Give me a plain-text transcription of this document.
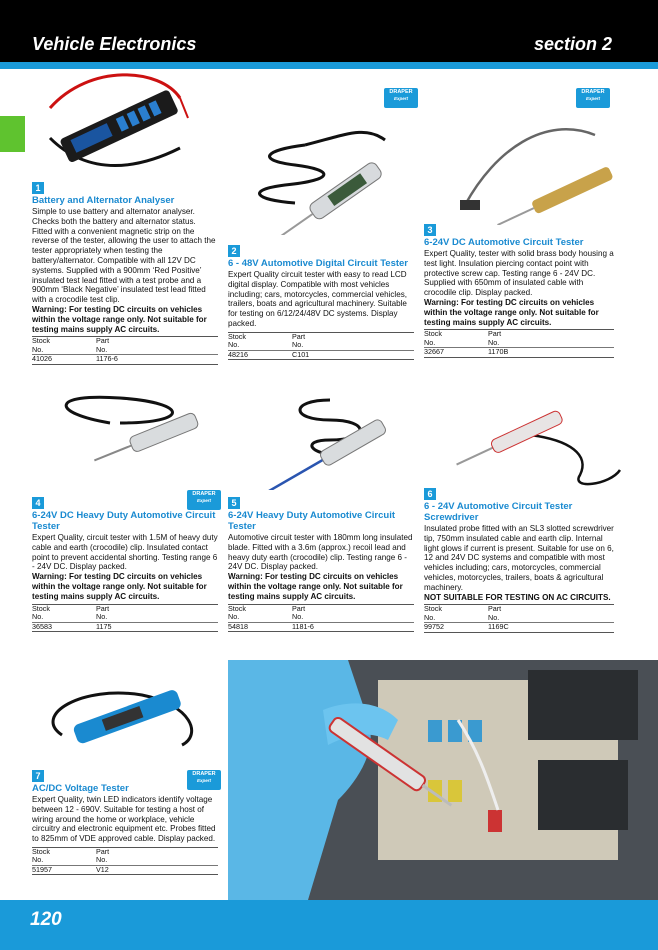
Vehicle Electronics	section 2
DRAPER
Expert
DRAPER
Expert
DRAPER
Expert
DRAPER
Expert
1
Battery and Alternator Analyser

Simple to use battery and alternator analyser. Checks both the battery and alternator status. Fitted with a convenient magnetic strip on the reverse of the tester, allowing the user to attach the tester appropriately when testing the battery/alternator. Compatible with all 12V DC systems. Supplied with a 900mm ‘Red Positive’ insulated test lead fitted with a test probe and a 900mm ‘Black Negative’ insulated test lead fitted with a crocodile test clip.

Warning: For testing DC circuits on vehicles within the voltage range only. Not suitable for testing mains supply AC circuits.

Stock	Part
No.	No.
41026	1176-6
2
6 - 48V Automotive Digital Circuit Tester

Expert Quality circuit tester with easy to read LCD digital display. Compatible with most vehicles including; cars, motorcycles, commercial vehicles, trailers, boats and agricultural machinery. Suitable for testing on 6/12/24/48V DC systems. Display packed.

Stock	Part
No.	No.
48216	C101
3
6-24V DC Automotive Circuit Tester

Expert Quality, tester with solid brass body housing a test light. Insulation piercing contact point with protective screw cap. Testing range 6 - 24V DC. Supplied with 650mm of insulated cable with crocodile clip. Display packed.

Warning: For testing DC circuits on vehicles within the voltage range only. Not suitable for testing mains supply AC circuits.

Stock	Part
No.	No.
32667	1170B
4
6-24V DC Heavy Duty Automotive Circuit Tester

Expert Quality, circuit tester with 1.5M of heavy duty cable and earth (crocodile) clip. Insulated contact point to prevent accidental shorting. Testing range 6 - 24V DC. Display packed.

Warning: For testing DC circuits on vehicles within the voltage range only. Not suitable for testing mains supply AC circuits.

Stock	Part
No.	No.
36583	1175
5
6-24V Heavy Duty Automotive Circuit Tester

Automotive circuit tester with 180mm long insulated blade. Fitted with a 3.6m (approx.) recoil lead and heavy duty earth (crocodile) clip. Testing range 6 - 24V DC. Display packed.

Warning: For testing DC circuits on vehicles within the voltage range only. Not suitable for testing mains supply AC circuits.

Stock	Part
No.	No.
54818	1181-6
6
6 - 24V Automotive Circuit Tester Screwdriver

Insulated probe fitted with an SL3 slotted screwdriver tip, 750mm insulated cable and earth clip. Internal light glows if current is present. Suitable for use on 6, 12 and 24V DC systems and compatible with most vehicles including; cars, motorcycles, commercial vehicles, motorcycles, trailers, boats & agricultural machinery.

NOT SUITABLE FOR TESTING ON AC CIRCUITS.

Stock	Part
No.	No.
99752	1169C
7
AC/DC Voltage Tester

Expert Quality, twin LED indicators identify voltage between 12 - 690V. Suitable for testing a host of wiring around the home or workplace, vehicle circuitry and electronic equipment etc. Probes fitted to 825mm of VDE approved cable. Display packed.

Stock	Part
No.	No.
51957	V12
120
